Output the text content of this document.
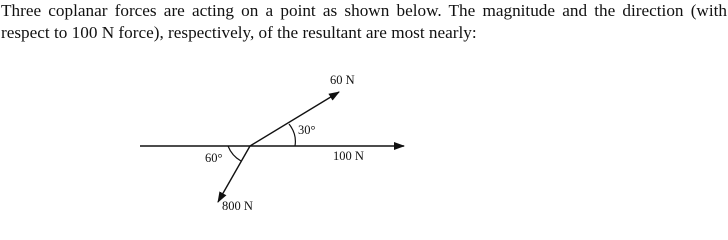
Three coplanar forces are acting on a point as shown below. The magnitude and the direction (with respect to 100 N force), respectively, of the resultant are most nearly:
60 N
100 N
800 N
30°
60°
